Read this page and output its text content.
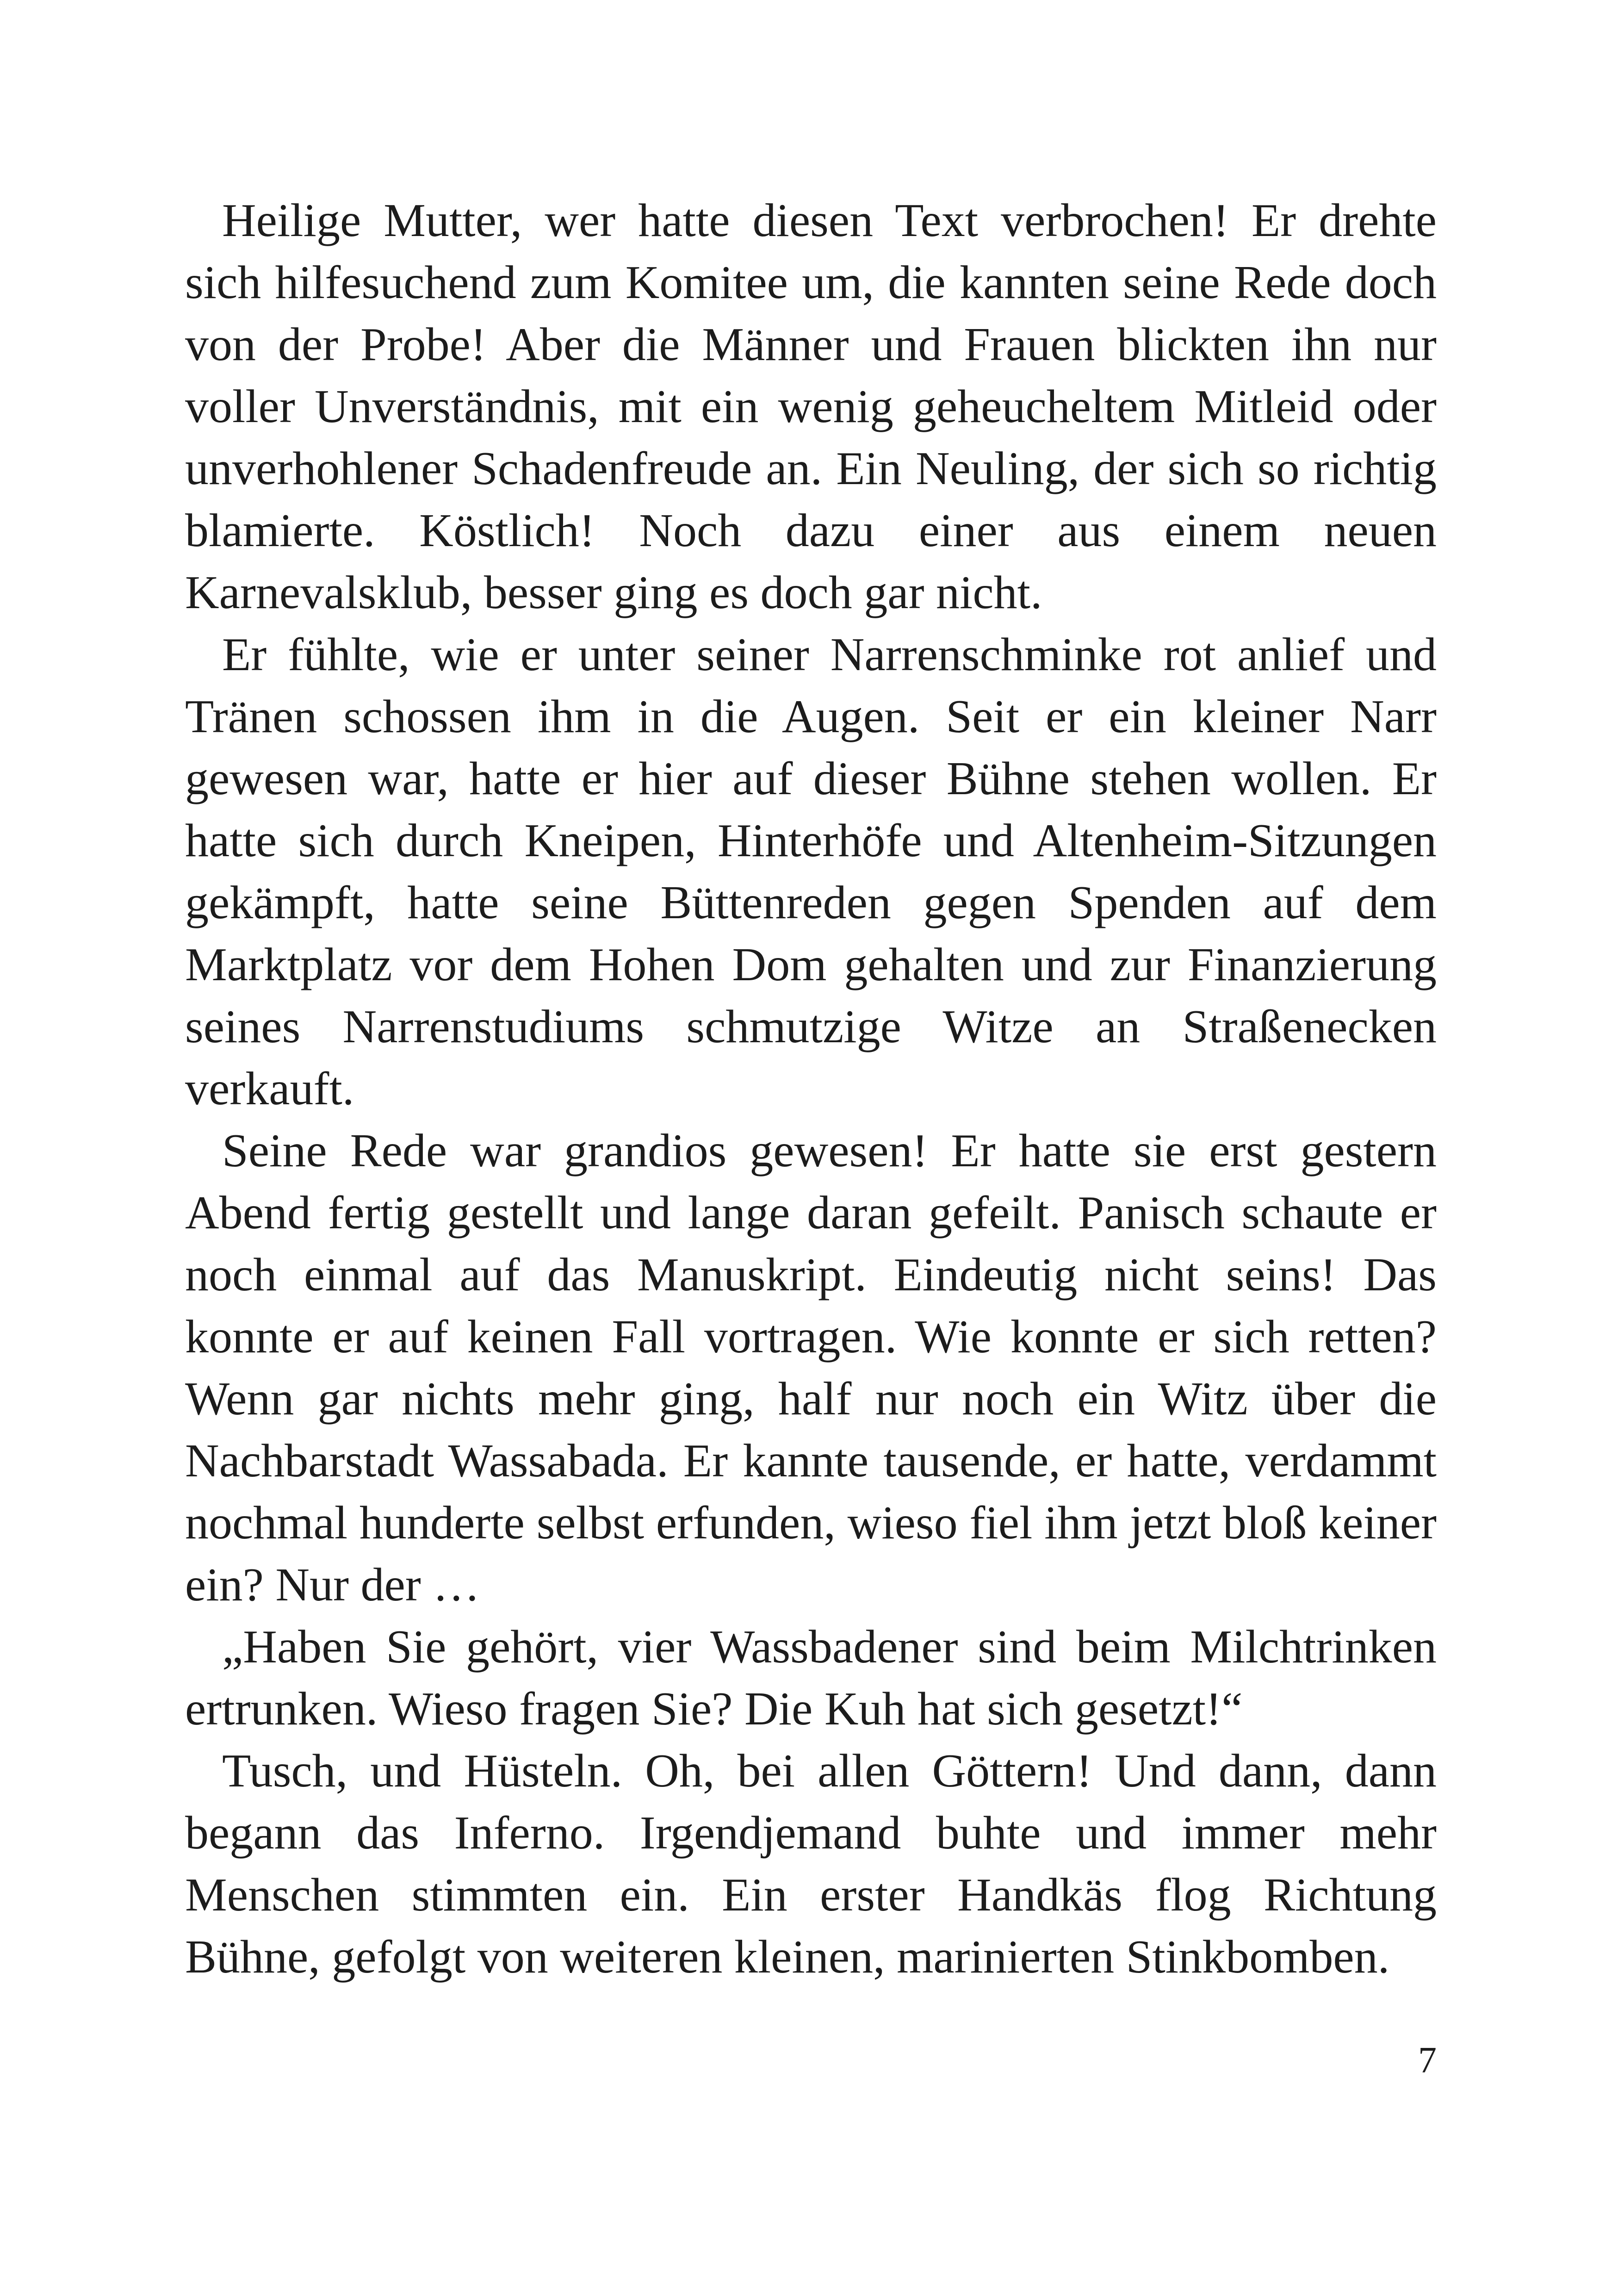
Heilige Mutter, wer hatte diesen Text verbrochen! Er drehte sich hilfesuchend zum Komitee um, die kannten seine Rede doch von der Probe! Aber die Männer und Frauen blickten ihn nur voller Unverständnis, mit ein wenig geheucheltem Mitleid oder unverhohlener Schadenfreude an. Ein Neuling, der sich so richtig blamierte. Köstlich! Noch dazu einer aus einem neuen Karnevalsklub, besser ging es doch gar nicht.

Er fühlte, wie er unter seiner Narrenschminke rot anlief und Tränen schossen ihm in die Augen. Seit er ein kleiner Narr gewesen war, hatte er hier auf dieser Bühne stehen wollen. Er hatte sich durch Kneipen, Hinterhöfe und Altenheim-Sitzungen gekämpft, hatte seine Büttenreden gegen Spenden auf dem Marktplatz vor dem Hohen Dom gehalten und zur Finanzierung seines Narrenstudiums schmutzige Witze an Straßenecken verkauft.

Seine Rede war grandios gewesen! Er hatte sie erst gestern Abend fertig gestellt und lange daran gefeilt. Panisch schaute er noch einmal auf das Manuskript. Eindeutig nicht seins! Das konnte er auf keinen Fall vortragen. Wie konnte er sich retten? Wenn gar nichts mehr ging, half nur noch ein Witz über die Nachbarstadt Wassabada. Er kannte tausende, er hatte, verdammt nochmal hunderte selbst erfunden, wieso fiel ihm jetzt bloß keiner ein? Nur der …

„Haben Sie gehört, vier Wassbadener sind beim Milchtrinken ertrunken. Wieso fragen Sie? Die Kuh hat sich gesetzt!“

Tusch, und Hüsteln. Oh, bei allen Göttern! Und dann, dann begann das Inferno. Irgendjemand buhte und immer mehr Menschen stimmten ein. Ein erster Handkäs flog Richtung Bühne, gefolgt von weiteren kleinen, marinierten Stinkbomben.

7
